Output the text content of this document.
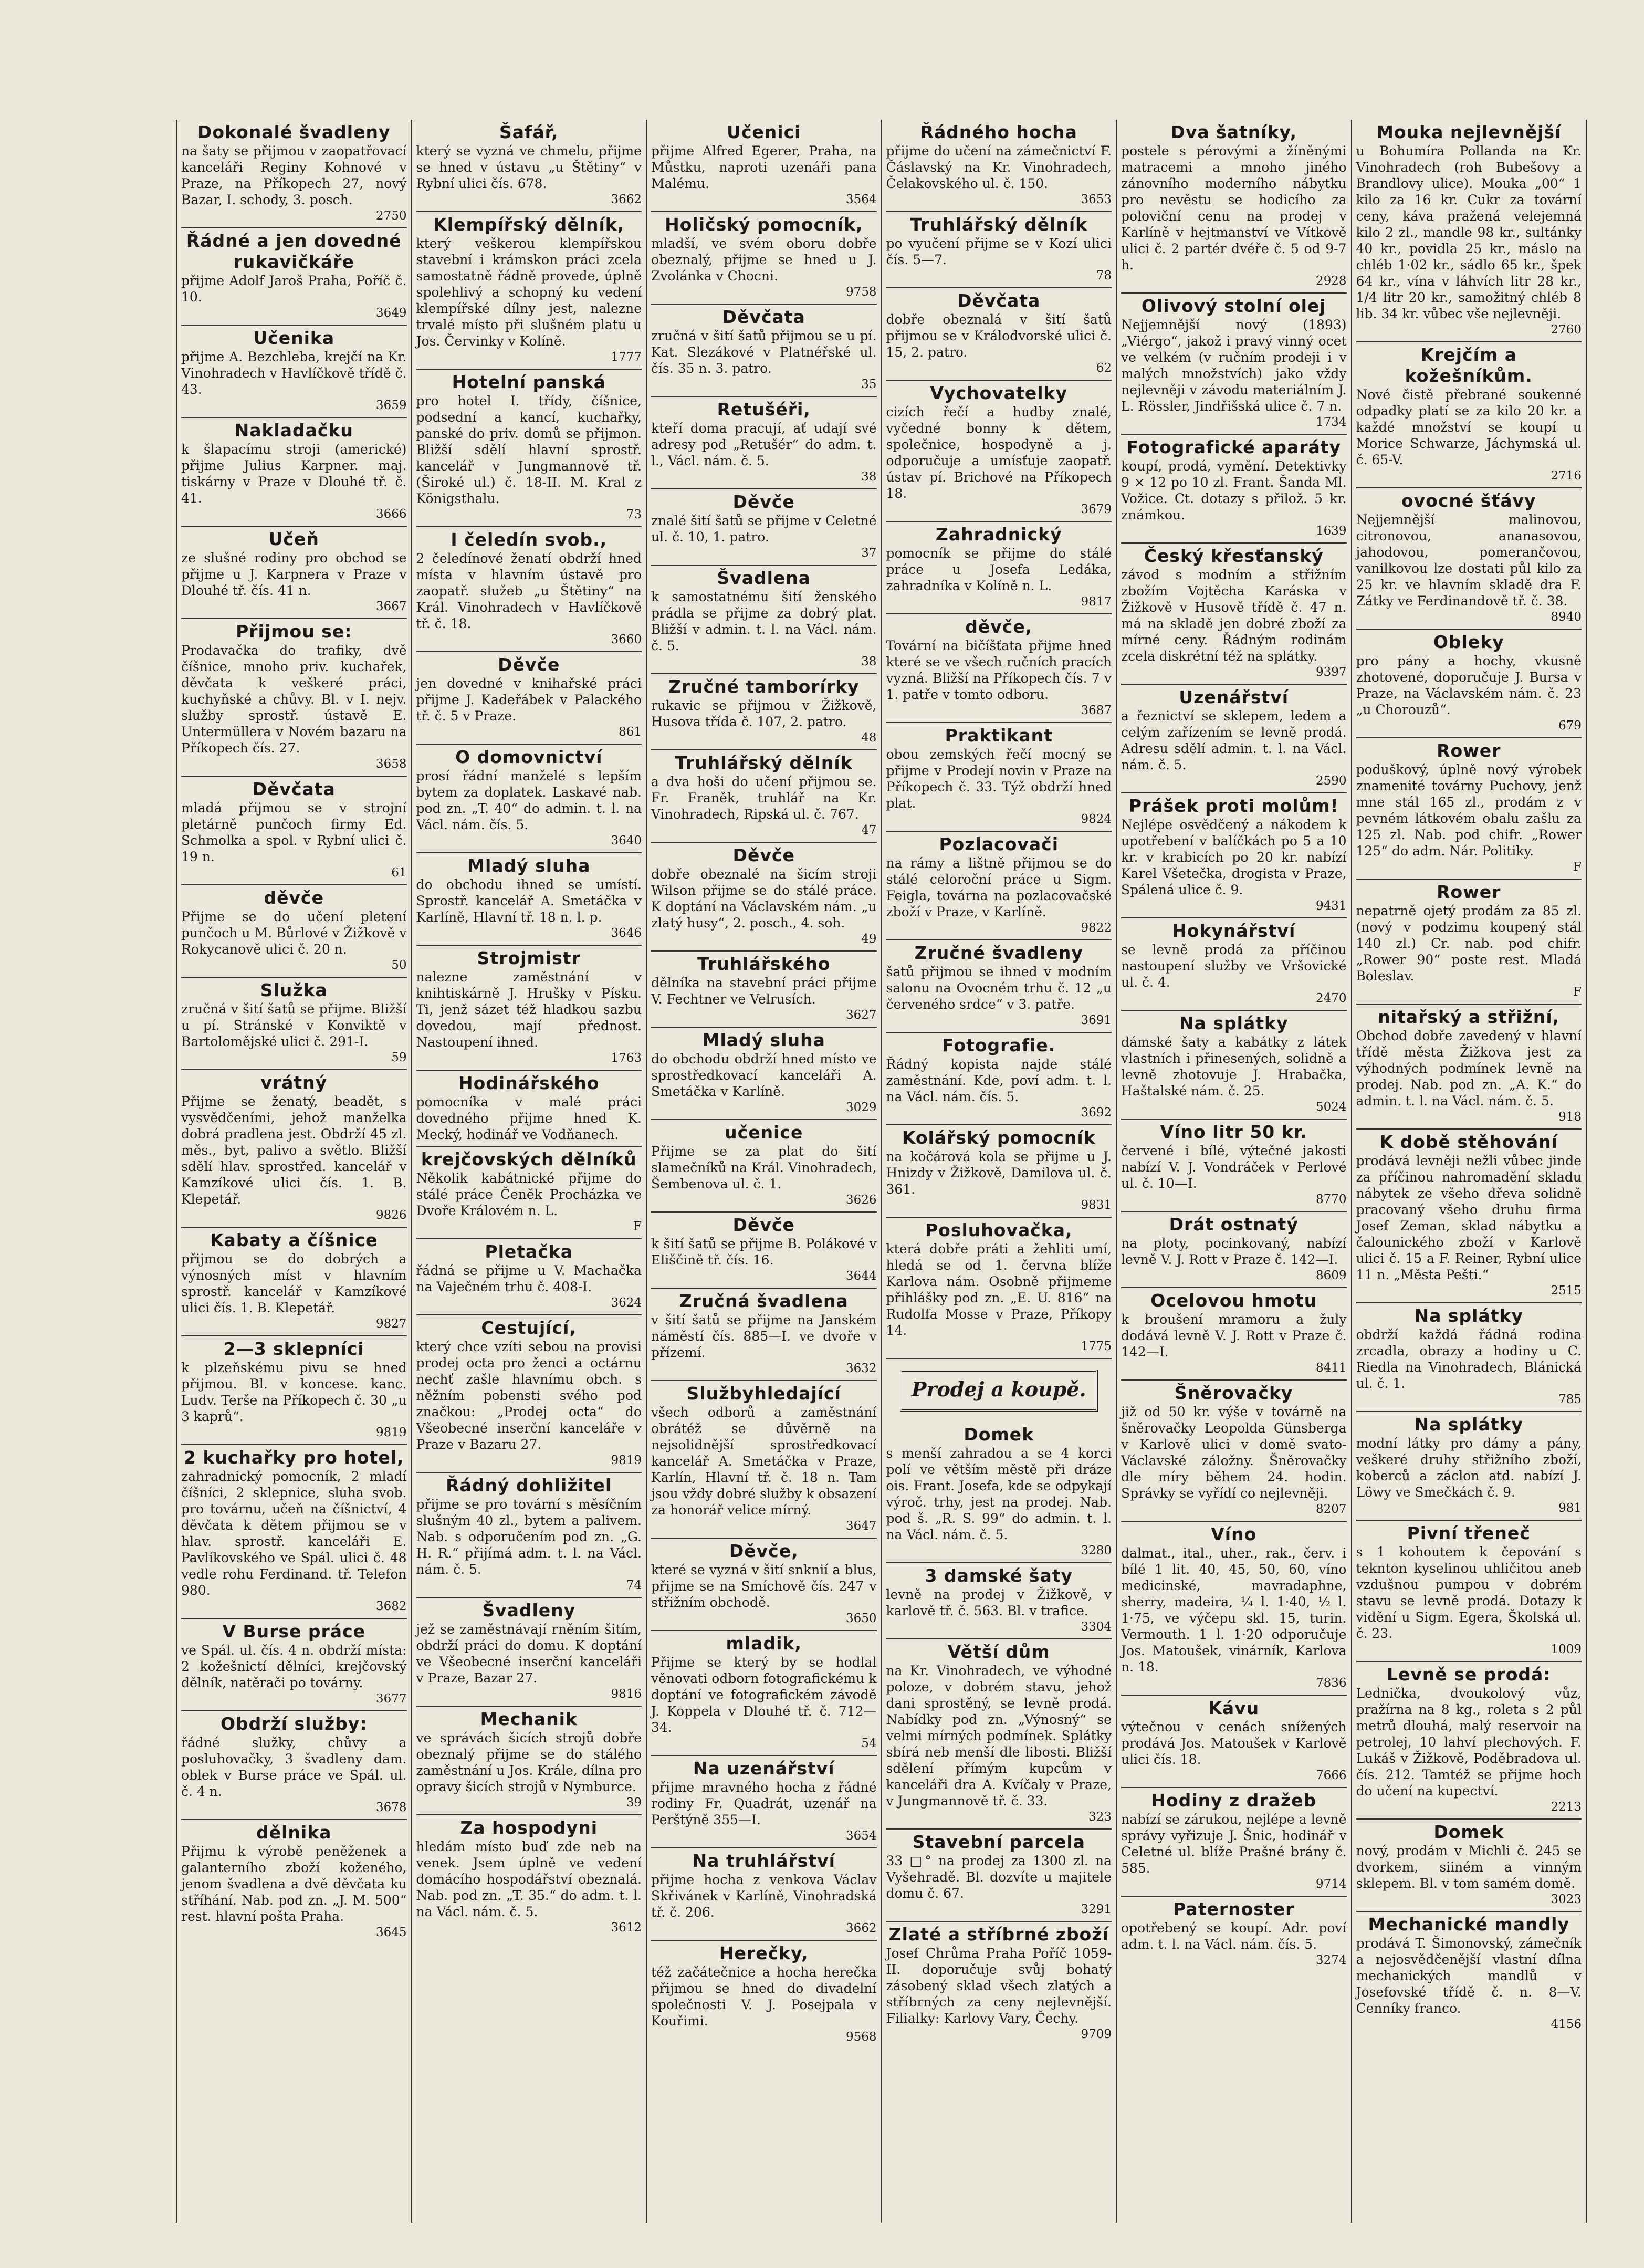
Dokonalé švadleny
na šaty se přijmou v zaopatřovací kanceláři Reginy Kohnové v Praze, na Příkopech 27, nový Bazar, I. schody, 3. posch.
2750
Řádné a jen dovedné rukavičkáře
přijme Adolf Jaroš Praha, Poříč č. 10.
3649
Učenika
přijme A. Bezchleba, krejčí na Kr. Vinohradech v Havlíčkově třídě č. 43.
3659
Nakladačku
k šlapacímu stroji (americké) přijme Julius Karpner. maj. tiskárny v Praze v Dlouhé tř. č. 41.
3666
Učeň
ze slušné rodiny pro obchod se přijme u J. Karpnera v Praze v Dlouhé tř. čís. 41 n.
3667
Přijmou se:
Prodavačka do trafiky, dvě číšnice, mnoho priv. kuchařek, děvčata k veškeré práci, kuchyňské a chůvy. Bl. v I. nejv. služby sprostř. ústavě E. Untermüllera v Novém bazaru na Příkopech čís. 27.
3658
Děvčata
mladá přijmou se v strojní pletárně punčoch firmy Ed. Schmolka a spol. v Rybní ulici č. 19 n.
61
děvče
Přijme se do učení pletení punčoch u M. Bůrlové v Žižkově v Rokycanově ulici č. 20 n.
50
Služka
zručná v šití šatů se přijme. Bližší u pí. Stránské v Konviktě v Bartolomějské ulici č. 291-I.
59
vrátný
Přijme se ženatý, beadět, s vysvědčeními, jehož manželka dobrá pradlena jest. Obdrží 45 zl. měs., byt, palivo a světlo. Bližší sdělí hlav. sprostřed. kancelář v Kamzíkové ulici čís. 1. B. Klepetář.
9826
Kabaty a číšnice
přijmou se do dobrých a výnosných míst v hlavním sprostř. kancelář v Kamzíkové ulici čís. 1. B. Klepetář.
9827
2—3 sklepníci
k plzeňskému pivu se hned přijmou. Bl. v koncese. kanc. Ludv. Terše na Příkopech č. 30 „u 3 kaprů“.
9819
2 kuchařky pro hotel,
zahradnický pomocník, 2 mladí číšníci, 2 sklepnice, sluha svob. pro továrnu, učeň na číšnictví, 4 děvčata k dětem přijmou se v hlav. sprostř. kanceláři E. Pavlíkovského ve Spál. ulici č. 48 vedle rohu Ferdinand. tř. Telefon 980.
3682
V Burse práce
ve Spál. ul. čís. 4 n. obdrží místa: 2 kožešnictí dělníci, krejčovský dělník, natěrači po továrny.
3677
Obdrží služby:
řádné služky, chůvy a posluhovačky, 3 švadleny dam. oblek v Burse práce ve Spál. ul. č. 4 n.
3678
dělnika
Přijmu k výrobě peněženek a galanterního zboží koženého, jenom švadlena a dvě děvčata ku stříhání. Nab. pod zn. „J. M. 500“ rest. hlavní pošta Praha.
3645
Šafář,
který se vyzná ve chmelu, přijme se hned v ústavu „u Štětiny“ v Rybní ulici čís. 678.
3662
Klempířský dělník,
který veškerou klempířskou stavební i krámskon práci zcela samostatně řádně provede, úplně spolehlivý a schopný ku vedení klempířské dílny jest, nalezne trvalé místo při slušném platu u Jos. Červinky v Kolíně.
1777
Hotelní panská
pro hotel I. třídy, číšnice, podsední a kancí, kuchařky, panské do priv. domů se přijmon. Bližší sdělí hlavní sprostř. kancelář v Jungmannově tř. (Široké ul.) č. 18-II. M. Kral z Königsthalu.
73
I čeledín svob.,
2 čeledínové ženatí obdrží hned místa v hlavním ústavě pro zaopatř. služeb „u Štětiny“ na Král. Vinohradech v Havlíčkově tř. č. 18.
3660
Děvče
jen dovedné v knihařské práci přijme J. Kadeřábek v Palackého tř. č. 5 v Praze.
861
O domovnictví
prosí řádní manželé s lepším bytem za doplatek. Laskavé nab. pod zn. „T. 40“ do admin. t. l. na Václ. nám. čís. 5.
3640
Mladý sluha
do obchodu ihned se umístí. Sprostř. kancelář A. Smetáčka v Karlíně, Hlavní tř. 18 n. l. p.
3646
Strojmistr
nalezne zaměstnání v knihtiskárně J. Hrušky v Písku. Ti, jenž sázet též hladkou sazbu dovedou, mají přednost. Nastoupení ihned.
1763
Hodinářského
pomocníka v malé práci dovedného přijme hned K. Mecký, hodinář ve Vodňanech.
krejčovských dělníků
Několik kabátnické přijme do stálé práce Čeněk Procházka ve Dvoře Královém n. L.
F
Pletačka
řádná se přijme u V. Machačka na Vaječném trhu č. 408-I.
3624
Cestující,
který chce vzíti sebou na provisi prodej octa pro ženci a octárnu nechť zašle hlavnímu obch. s něžním pobensti svého pod značkou: „Prodej octa“ do Všeobecné inserční kanceláře v Praze v Bazaru 27.
9819
Řádný dohližitel
přijme se pro tovární s měsíčním slušným 40 zl., bytem a palivem. Nab. s odporučením pod zn. „G. H. R.“ přijímá adm. t. l. na Václ. nám. č. 5.
74
Švadleny
jež se zaměstnávají rněním šitím, obdrží práci do domu. K doptání ve Všeobecné inserční kanceláři v Praze, Bazar 27.
9816
Mechanik
ve správách šicích strojů dobře obeznalý přijme se do stálého zaměstnání u Jos. Krále, dílna pro opravy šicích strojů v Nymburce.
39
Za hospodyni
hledám místo buď zde neb na venek. Jsem úplně ve vedení domácího hospodářství obeznalá. Nab. pod zn. „T. 35.“ do adm. t. l. na Václ. nám. č. 5.
3612
Učenici
přijme Alfred Egerer, Praha, na Můstku, naproti uzenáři pana Malému.
3564
Holičský pomocník,
mladší, ve svém oboru dobře obeznalý, přijme se hned u J. Zvolánka v Chocni.
9758
Děvčata
zručná v šití šatů přijmou se u pí. Kat. Slezákové v Platnéřské ul. čís. 35 n. 3. patro.
35
Retušéři,
kteří doma pracují, ať udají své adresy pod „Retušér“ do adm. t. l., Václ. nám. č. 5.
38
Děvče
znalé šití šatů se přijme v Celetné ul. č. 10, 1. patro.
37
Švadlena
k samostatnému šití ženského prádla se přijme za dobrý plat. Bližší v admin. t. l. na Václ. nám. č. 5.
38
Zručné tamborírky
rukavic se přijmou v Žižkově, Husova třída č. 107, 2. patro.
48
Truhlářský dělník
a dva hoši do učení přijmou se. Fr. Franěk, truhlář na Kr. Vinohradech, Ripská ul. č. 767.
47
Děvče
dobře obeznalé na šicím stroji Wilson přijme se do stálé práce. K doptání na Václavském nám. „u zlatý husy“, 2. posch., 4. soh.
49
Truhlářského
dělníka na stavební práci přijme V. Fechtner ve Velrusích.
3627
Mladý sluha
do obchodu obdrží hned místo ve sprostředkovací kanceláři A. Smetáčka v Karlíně.
3029
učenice
Přijme se za plat do šití slamečníků na Král. Vinohradech, Šembenova ul. č. 1.
3626
Děvče
k šití šatů se přijme B. Polákové v Eliščině tř. čís. 16.
3644
Zručná švadlena
v šití šatů se přijme na Janském náměstí čís. 885—I. ve dvoře v přízemí.
3632
Službyhledající
všech odborů a zaměstnání obrátéž se důvěrně na nejsolidnější sprostředkovací kancelář A. Smetáčka v Praze, Karlín, Hlavní tř. č. 18 n. Tam jsou vždy dobré služby k obsazení za honorář velice mírný.
3647
Děvče,
které se vyzná v šití snknií a blus, přijme se na Smíchově čís. 247 v střižním obchodě.
3650
mladik,
Přijme se který by se hodlal věnovati odborn fotografickému k doptání ve fotografickém závodě J. Koppela v Dlouhé tř. č. 712—34.
54
Na uzenářství
přijme mravného hocha z řádné rodiny Fr. Quadrát, uzenář na Perštýně 355—I.
3654
Na truhlářství
přijme hocha z venkova Václav Skřivánek v Karlíně, Vinohradská tř. č. 206.
3662
Herečky,
též začátečnice a hocha herečka přijmou se hned do divadelní společnosti V. J. Posejpala v Kouřimi.
9568
Řádného hocha
přijme do učení na zámečnictví F. Čáslavský na Kr. Vinohradech, Čelakovského ul. č. 150.
3653
Truhlářský dělník
po vyučení přijme se v Kozí ulici čís. 5—7.
78
Děvčata
dobře obeznalá v šití šatů přijmou se v Králodvorské ulici č. 15, 2. patro.
62
Vychovatelky
cizích řečí a hudby znalé, vyčedné bonny k dětem, společnice, hospodyně a j. odporučuje a umísťuje zaopatř. ústav pí. Brichové na Příkopech 18.
3679
Zahradnický
pomocník se přijme do stálé práce u Josefa Ledáka, zahradníka v Kolíně n. L.
9817
děvče,
Tovární na bičíšťata přijme hned které se ve všech ručních pracích vyzná. Bližší na Příkopech čís. 7 v 1. patře v tomto odboru.
3687
Praktikant
obou zemských řečí mocný se přijme v Prodejí novin v Praze na Příkopech č. 33. Týž obdrží hned plat.
9824
Pozlacovači
na rámy a lištně přijmou se do stálé celoroční práce u Sigm. Feigla, továrna na pozlacovačské zboží v Praze, v Karlíně.
9822
Zručné švadleny
šatů přijmou se ihned v modním salonu na Ovocném trhu č. 12 „u červeného srdce“ v 3. patře.
3691
Fotografie.
Řádný kopista najde stálé zaměstnání. Kde, poví adm. t. l. na Václ. nám. čís. 5.
3692
Kolářský pomocník
na kočárová kola se přijme u J. Hnizdy v Žižkově, Damilova ul. č. 361.
9831
Posluhovačka,
která dobře práti a žehliti umí, hledá se od 1. června blíže Karlova nám. Osobně přijmeme přihlášky pod zn. „E. U. 816“ na Rudolfa Mosse v Praze, Příkopy 14.
1775
Prodej a koupě.
Domek
s menší zahradou a se 4 korci polí ve větším městě při dráze ois. Frant. Josefa, kde se odpykají výroč. trhy, jest na prodej. Nab. pod š. „R. S. 99“ do admin. t. l. na Václ. nám. č. 5.
3280
3 damské šaty
levně na prodej v Žižkově, v karlově tř. č. 563. Bl. v trafice.
3304
Větší dům
na Kr. Vinohradech, ve výhodné poloze, v dobrém stavu, jehož dani sprostěný, se levně prodá. Nabídky pod zn. „Výnosný“ se velmi mírných podmínek. Splátky sbírá neb menší dle libosti. Bližší sdělení přímým kupcům v kanceláři dra A. Kvíčaly v Praze, v Jungmannově tř. č. 33.
323
Stavební parcela
33 □° na prodej za 1300 zl. na Vyšehradě. Bl. dozvíte u majitele domu č. 67.
3291
Zlaté a stříbrné zboží
Josef Chrůma Praha Poříč 1059-II. doporučuje svůj bohatý zásobený sklad všech zlatých a stříbrných za ceny nejlevnější. Filialky: Karlovy Vary, Čechy.
9709
Dva šatníky,
postele s pérovými a žíněnými matracemi a mnoho jiného zánovního moderního nábytku pro nevěstu se hodicího za poloviční cenu na prodej v Karlíně v hejtmanství ve Vítkově ulici č. 2 partér dvéře č. 5 od 9-7 h.
2928
Olivový stolní olej
Nejjemnější nový (1893) „Viérgo“, jakož i pravý vinný ocet ve velkém (v ručním prodeji i v malých množstvích) jako vždy nejlevněji v závodu materiálním J. L. Rössler, Jindřišská ulice č. 7 n.
1734
Fotografické aparáty
koupí, prodá, vymění. Detektivky 9 × 12 po 10 zl. Frant. Šanda Ml. Vožice. Ct. dotazy s přilož. 5 kr. známkou.
1639
Český křesťanský
závod s modním a střižním zbožím Vojtěcha Karáska v Žižkově v Husově třídě č. 47 n. má na skladě jen dobré zboží za mírné ceny. Řádným rodinám zcela diskrétní též na splátky.
9397
Uzenářství
a řeznictví se sklepem, ledem a celým zařízením se levně prodá. Adresu sdělí admin. t. l. na Václ. nám. č. 5.
2590
Prášek proti molům!
Nejlépe osvědčený a nákodem k upotřebení v balíčkách po 5 a 10 kr. v krabicích po 20 kr. nabízí Karel Všetečka, drogista v Praze, Spálená ulice č. 9.
9431
Hokynářství
se levně prodá za příčinou nastoupení služby ve Vršovické ul. č. 4.
2470
Na splátky
dámské šaty a kabátky z látek vlastních i přinesených, solidně a levně zhotovuje J. Hrabačka, Haštalské nám. č. 25.
5024
Víno litr 50 kr.
červené i bílé, výtečné jakosti nabízí V. J. Vondráček v Perlové ul. č. 10—I.
8770
Drát ostnatý
na ploty, pocinkovaný, nabízí levně V. J. Rott v Praze č. 142—I.
8609
Ocelovou hmotu
k broušení mramoru a žuly dodává levně V. J. Rott v Praze č. 142—I.
8411
Šněrovačky
již od 50 kr. výše v továrně na šněrovačky Leopolda Günsberga v Karlově ulici v domě svato-Václavské záložny. Šněrovačky dle míry během 24. hodin. Správky se vyřídí co nejlevněji.
8207
Víno
dalmat., ital., uher., rak., červ. i bílé 1 lit. 40, 45, 50, 60, víno medicinské, mavradaphne, sherry, madeira, ¼ l. 1·40, ½ l. 1·75, ve výčepu skl. 15, turin. Vermouth. 1 l. 1·20 odporučuje Jos. Matoušek, vinárník, Karlova n. 18.
7836
Kávu
výtečnou v cenách snížených prodává Jos. Matoušek v Karlově ulici čís. 18.
7666
Hodiny z dražeb
nabízí se zárukou, nejlépe a levně správy vyřizuje J. Šnic, hodinář v Celetné ul. blíže Prašné brány č. 585.
9714
Paternoster
opotřebený se koupí. Adr. poví adm. t. l. na Václ. nám. čís. 5.
3274
Mouka nejlevnější
u Bohumíra Pollanda na Kr. Vinohradech (roh Bubešovy a Brandlovy ulice). Mouka „00“ 1 kilo za 16 kr. Cukr za tovární ceny, káva pražená velejemná kilo 2 zl., mandle 98 kr., sultánky 40 kr., povidla 25 kr., máslo na chléb 1·02 kr., sádlo 65 kr., špek 64 kr., vína v láhvích litr 28 kr., 1/4 litr 20 kr., samožitný chléb 8 lib. 34 kr. vůbec vše nejlevněji.
2760
Krejčím a kožešníkům.
Nové čistě přebrané soukenné odpadky platí se za kilo 20 kr. a každé množství se koupí u Morice Schwarze, Jáchymská ul. č. 65-V.
2716
ovocné šťávy
Nejjemnější malinovou, citronovou, ananasovou, jahodovou, pomerančovou, vanilkovou lze dostati půl kilo za 25 kr. ve hlavním skladě dra F. Zátky ve Ferdinandově tř. č. 38.
8940
Obleky
pro pány a hochy, vkusně zhotovené, doporučuje J. Bursa v Praze, na Václavském nám. č. 23 „u Chorouzů“.
679
Rower
poduškový, úplně nový výrobek znamenité továrny Puchovy, jenž mne stál 165 zl., prodám z v pevném látkovém obalu zašlu za 125 zl. Nab. pod chifr. „Rower 125“ do adm. Nár. Politiky.
F
Rower
nepatrně ojetý prodám za 85 zl. (nový v podzimu koupený stál 140 zl.) Cr. nab. pod chifr. „Rower 90“ poste rest. Mladá Boleslav.
F
nitařský a střižní,
Obchod dobře zavedený v hlavní třídě města Žižkova jest za výhodných podmínek levně na prodej. Nab. pod zn. „A. K.“ do admin. t. l. na Václ. nám. č. 5.
918
K době stěhování
prodává levněji nežli vůbec jinde za příčinou nahromadění skladu nábytek ze všeho dřeva solidně pracovaný všeho druhu firma Josef Zeman, sklad nábytku a čalounického zboží v Karlově ulici č. 15 a F. Reiner, Rybní ulice 11 n. „Města Pešti.“
2515
Na splátky
obdrží každá řádná rodina zrcadla, obrazy a hodiny u C. Riedla na Vinohradech, Blánická ul. č. 1.
785
Na splátky
modní látky pro dámy a pány, veškeré druhy střižního zboží, koberců a záclon atd. nabízí J. Löwy ve Smečkách č. 9.
981
Pivní třeneč
s 1 kohoutem k čepování s teknton kyselinou uhličitou aneb vzdušnou pumpou v dobrém stavu se levně prodá. Dotazy k vidění u Sigm. Egera, Školská ul. č. 23.
1009
Levně se prodá:
Lednička, dvoukolový vůz, pražírna na 8 kg., roleta s 2 půl metrů dlouhá, malý reservoir na petrolej, 10 lahví plechových. F. Lukáš v Žižkově, Poděbradova ul. čís. 212. Tamtéž se přijme hoch do učení na kupectví.
2213
Domek
nový, prodám v Michli č. 245 se dvorkem, siiném a vinným sklepem. Bl. v tom samém domě.
3023
Mechanické mandly
prodává T. Šimonovský, zámečník a nejosvědčenější vlastní dílna mechanických mandlů v Josefovské třídě č. n. 8—V. Cenníky franco.
4156
